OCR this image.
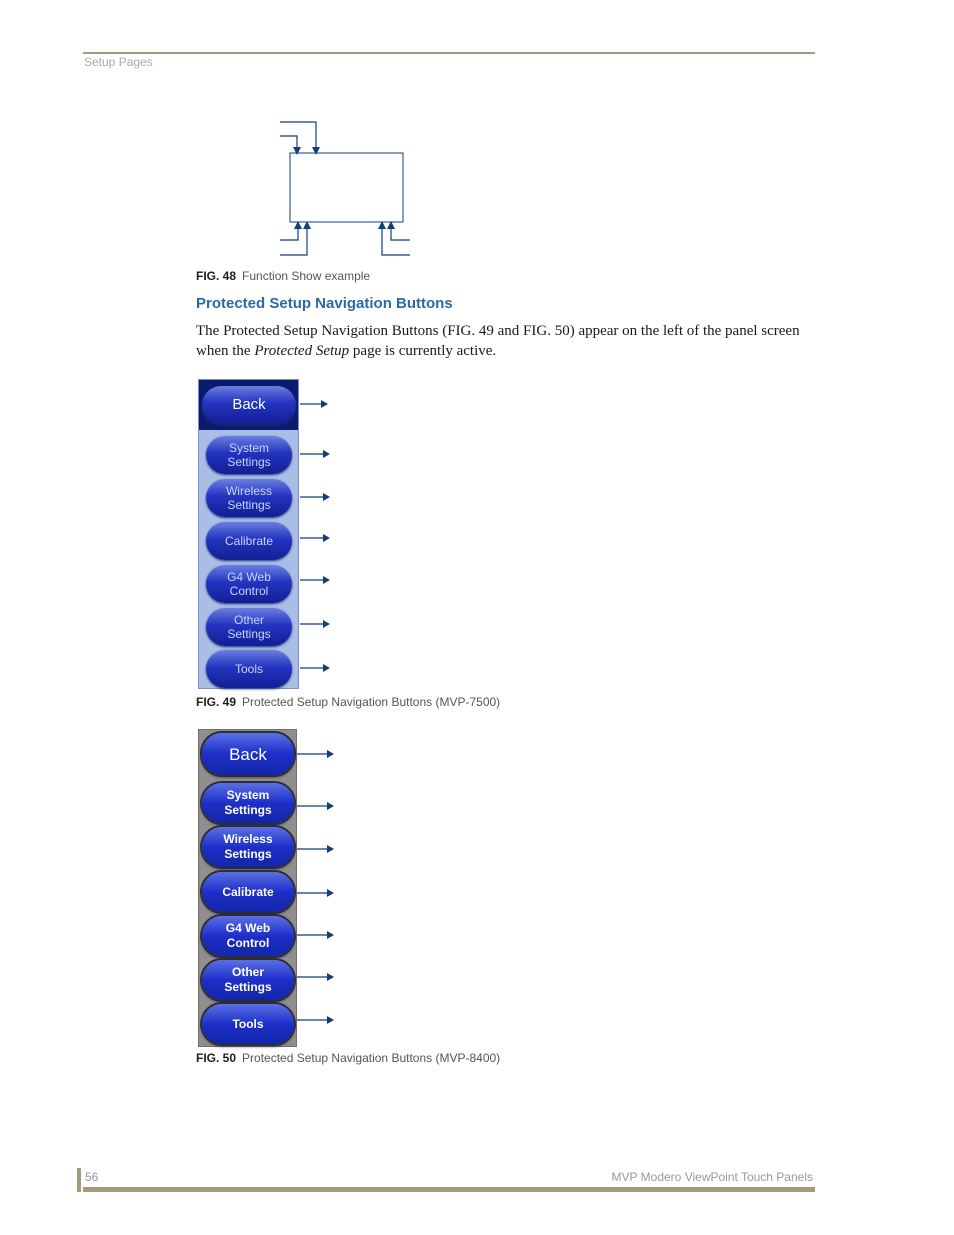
Setup Pages
FIG. 48 Function Show example
Protected Setup Navigation Buttons
The Protected Setup Navigation Buttons (FIG. 49 and FIG. 50) appear on the left of the panel screen when the Protected Setup page is currently active.
Back
System
Settings
Wireless
Settings
Calibrate
G4 Web
Control
Other
Settings
Tools
FIG. 49 Protected Setup Navigation Buttons (MVP-7500)
Back
System
Settings
Wireless
Settings
Calibrate
G4 Web
Control
Other
Settings
Tools
FIG. 50 Protected Setup Navigation Buttons (MVP-8400)
56	MVP Modero ViewPoint Touch Panels
